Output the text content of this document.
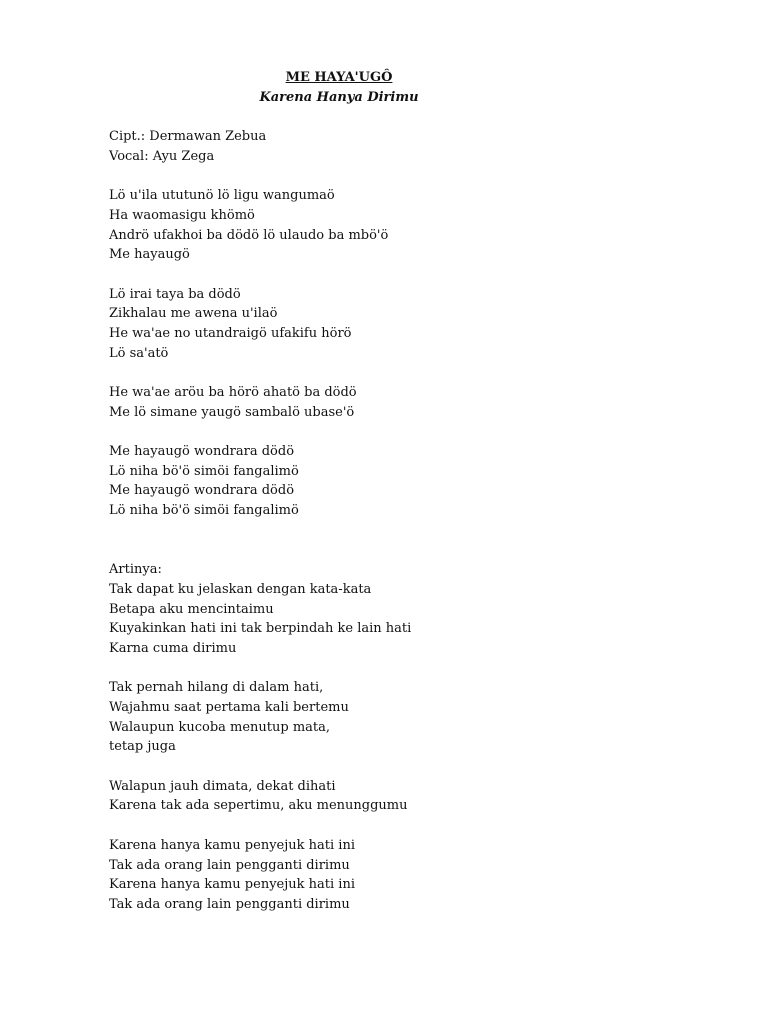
ME HAYA'UGÔ
Karena Hanya Dirimu
Cipt.: Dermawan Zebua
Vocal: Ayu Zega
Lö u'ila ututunö lö ligu wangumaö
Ha waomasigu khömö
Andrö ufakhoi ba dödö lö ulaudo ba mbö'ö
Me hayaugö
Lö irai taya ba dödö
Zikhalau me awena u'ilaö
He wa'ae no utandraigö ufakifu hörö
Lö sa'atö
He wa'ae aröu ba hörö ahatö ba dödö
Me lö simane yaugö sambalö ubase'ö
Me hayaugö wondrara dödö
Lö niha bö'ö simöi fangalimö
Me hayaugö wondrara dödö
Lö niha bö'ö simöi fangalimö
Artinya:
Tak dapat ku jelaskan dengan kata-kata
Betapa aku mencintaimu
Kuyakinkan hati ini tak berpindah ke lain hati
Karna cuma dirimu
Tak pernah hilang di dalam hati,
Wajahmu saat pertama kali bertemu
Walaupun kucoba menutup mata,
tetap juga
Walapun jauh dimata, dekat dihati
Karena tak ada sepertimu, aku menunggumu
Karena hanya kamu penyejuk hati ini
Tak ada orang lain pengganti dirimu
Karena hanya kamu penyejuk hati ini
Tak ada orang lain pengganti dirimu
